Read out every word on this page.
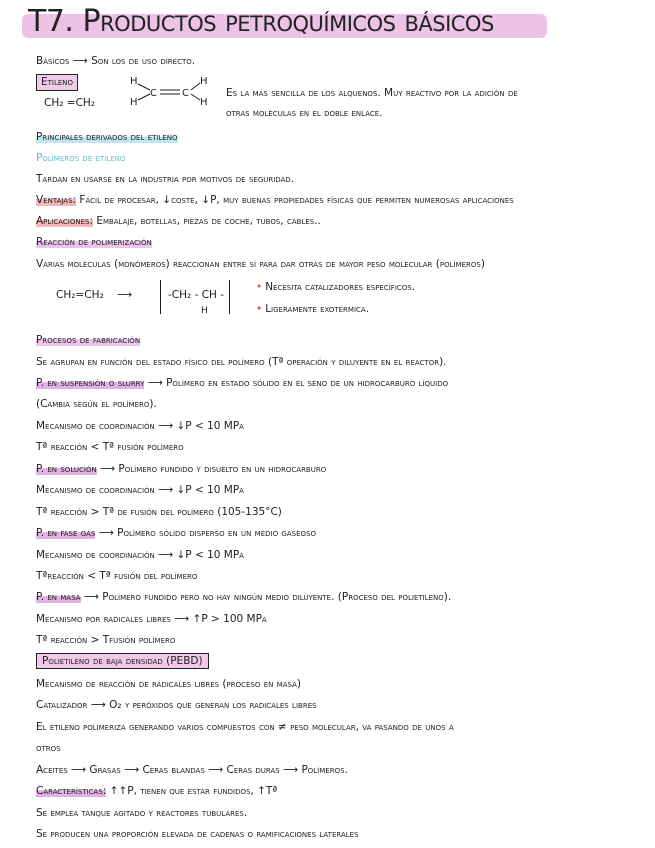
T7. Productos petroquímicos básicos
Básicos ⟶ Son los de uso directo.
Etileno
CH₂ =CH₂
H
H
H
H
C	C	Es la más sencilla de los alquenos. Muy reactivo por la adición de
otras moléculas en el doble enlace.
Principales derivados del etileno
Polímeros de etileno
Tardan en usarse en la industria por motivos de seguridad.
Ventajas: Fácil de procesar, ↓coste, ↓P, muy buenas propiedades físicas que permiten numerosas aplicaciones
Aplicaciones: Embalaje, botellas, piezas de coche, tubos, cables..
Reacción de polimerización
Varias moléculas (monómeros) reaccionan entre sí para dar otras de mayor peso molecular (polímeros)
CH₂=CH₂ ⟶	-CH₂ - CH -
H
• Necesita catalizadores específicos.
• Ligeramente exotérmica.
Procesos de fabricación
Se agrupan en función del estado físico del polímero (Tª operación y diluyente en el reactor).
P. en suspensión o slurry ⟶ Polímero en estado sólido en el seno de un hidrocarburo líquido
(Cambia según el polímero).
Mecanismo de coordinación ⟶ ↓P < 10 MPa
Tª reacción < Tª fusión polímero
P. en solución ⟶ Polímero fundido y disuelto en un hidrocarburo
Mecanismo de coordinación ⟶ ↓P < 10 MPa
Tª reacción > Tª de fusión del polímero (105-135°C)
P. en fase gas ⟶ Polímero sólido disperso en un medio gaseoso
Mecanismo de coordinación ⟶ ↓P < 10 MPa
Tªreacción < Tª fusión del polímero
P. en masa ⟶ Polímero fundido pero no hay ningún medio diluyente. (Proceso del polietileno).
Mecanismo por radicales libres ⟶ ↑P > 100 MPa
Tª reacción > Tfusión polímero
Polietileno de baja densidad (PEBD)
Mecanismo de reacción de radicales libres (proceso en masa)
Catalizador ⟶ O₂ y peróxidos que generan los radicales libres
El etileno polimeriza generando varios compuestos con ≠ peso molecular, va pasando de unos a
otros
Aceites ⟶ Grasas ⟶ Ceras blandas ⟶ Ceras duras ⟶ Polímeros.
Características: ↑↑P, tienen que estar fundidos, ↑Tª
Se emplea tanque agitado y reactores tubulares.
Se producen una proporción elevada de cadenas o ramificaciones laterales
